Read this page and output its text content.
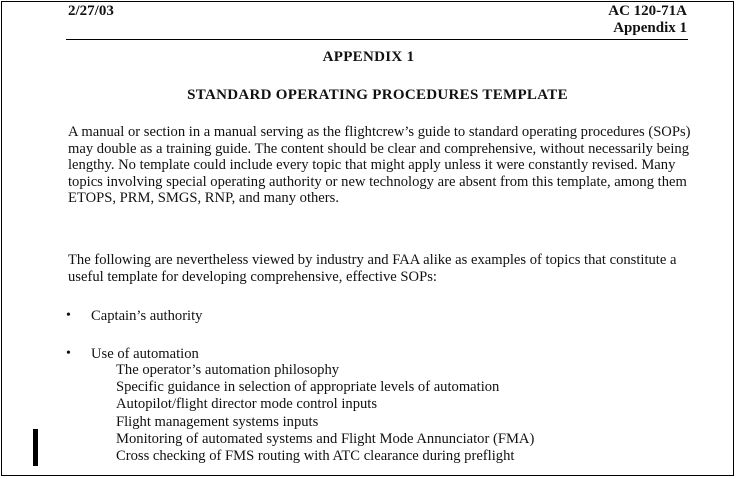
2/27/03	AC 120-71A
Appendix 1
APPENDIX 1
STANDARD OPERATING PROCEDURES TEMPLATE
A manual or section in a manual serving as the flightcrew’s guide to standard operating procedures (SOPs) may double as a training guide. The content should be clear and comprehensive, without necessarily being lengthy. No template could include every topic that might apply unless it were constantly revised. Many topics involving special operating authority or new technology are absent from this template, among them ETOPS, PRM, SMGS, RNP, and many others.
The following are nevertheless viewed by industry and FAA alike as examples of topics that constitute a useful template for developing comprehensive, effective SOPs:
• Captain’s authority
• Use of automation
The operator’s automation philosophy
Specific guidance in selection of appropriate levels of automation
Autopilot/flight director mode control inputs
Flight management systems inputs
Monitoring of automated systems and Flight Mode Annunciator (FMA)
Cross checking of FMS routing with ATC clearance during preflight
